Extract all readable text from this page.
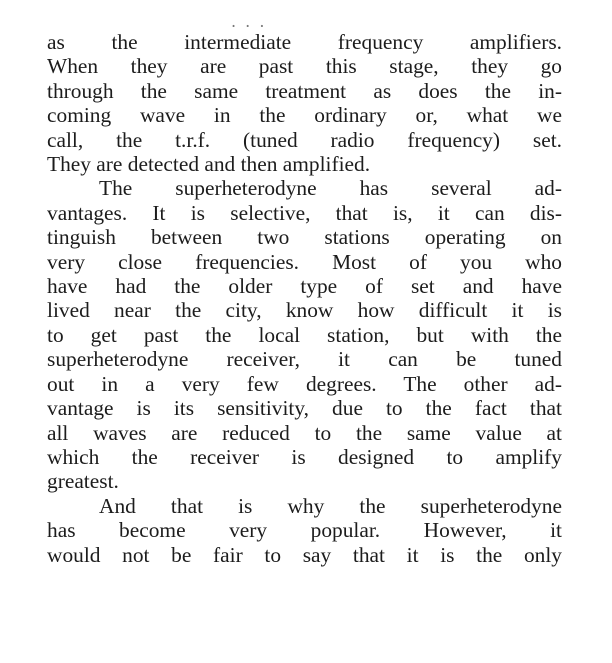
. . .
as the intermediate frequency amplifiers.
When they are past this stage, they go
through the same treatment as does the in-
coming wave in the ordinary or, what we
call, the t.r.f. (tuned radio frequency) set.
They are detected and then amplified.
The superheterodyne has several ad-
vantages. It is selective, that is, it can dis-
tinguish between two stations operating on
very close frequencies. Most of you who
have had the older type of set and have
lived near the city, know how difficult it is
to get past the local station, but with the
superheterodyne receiver, it can be tuned
out in a very few degrees. The other ad-
vantage is its sensitivity, due to the fact that
all waves are reduced to the same value at
which the receiver is designed to amplify
greatest.
And that is why the superheterodyne
has become very popular. However, it
would not be fair to say that it is the only
